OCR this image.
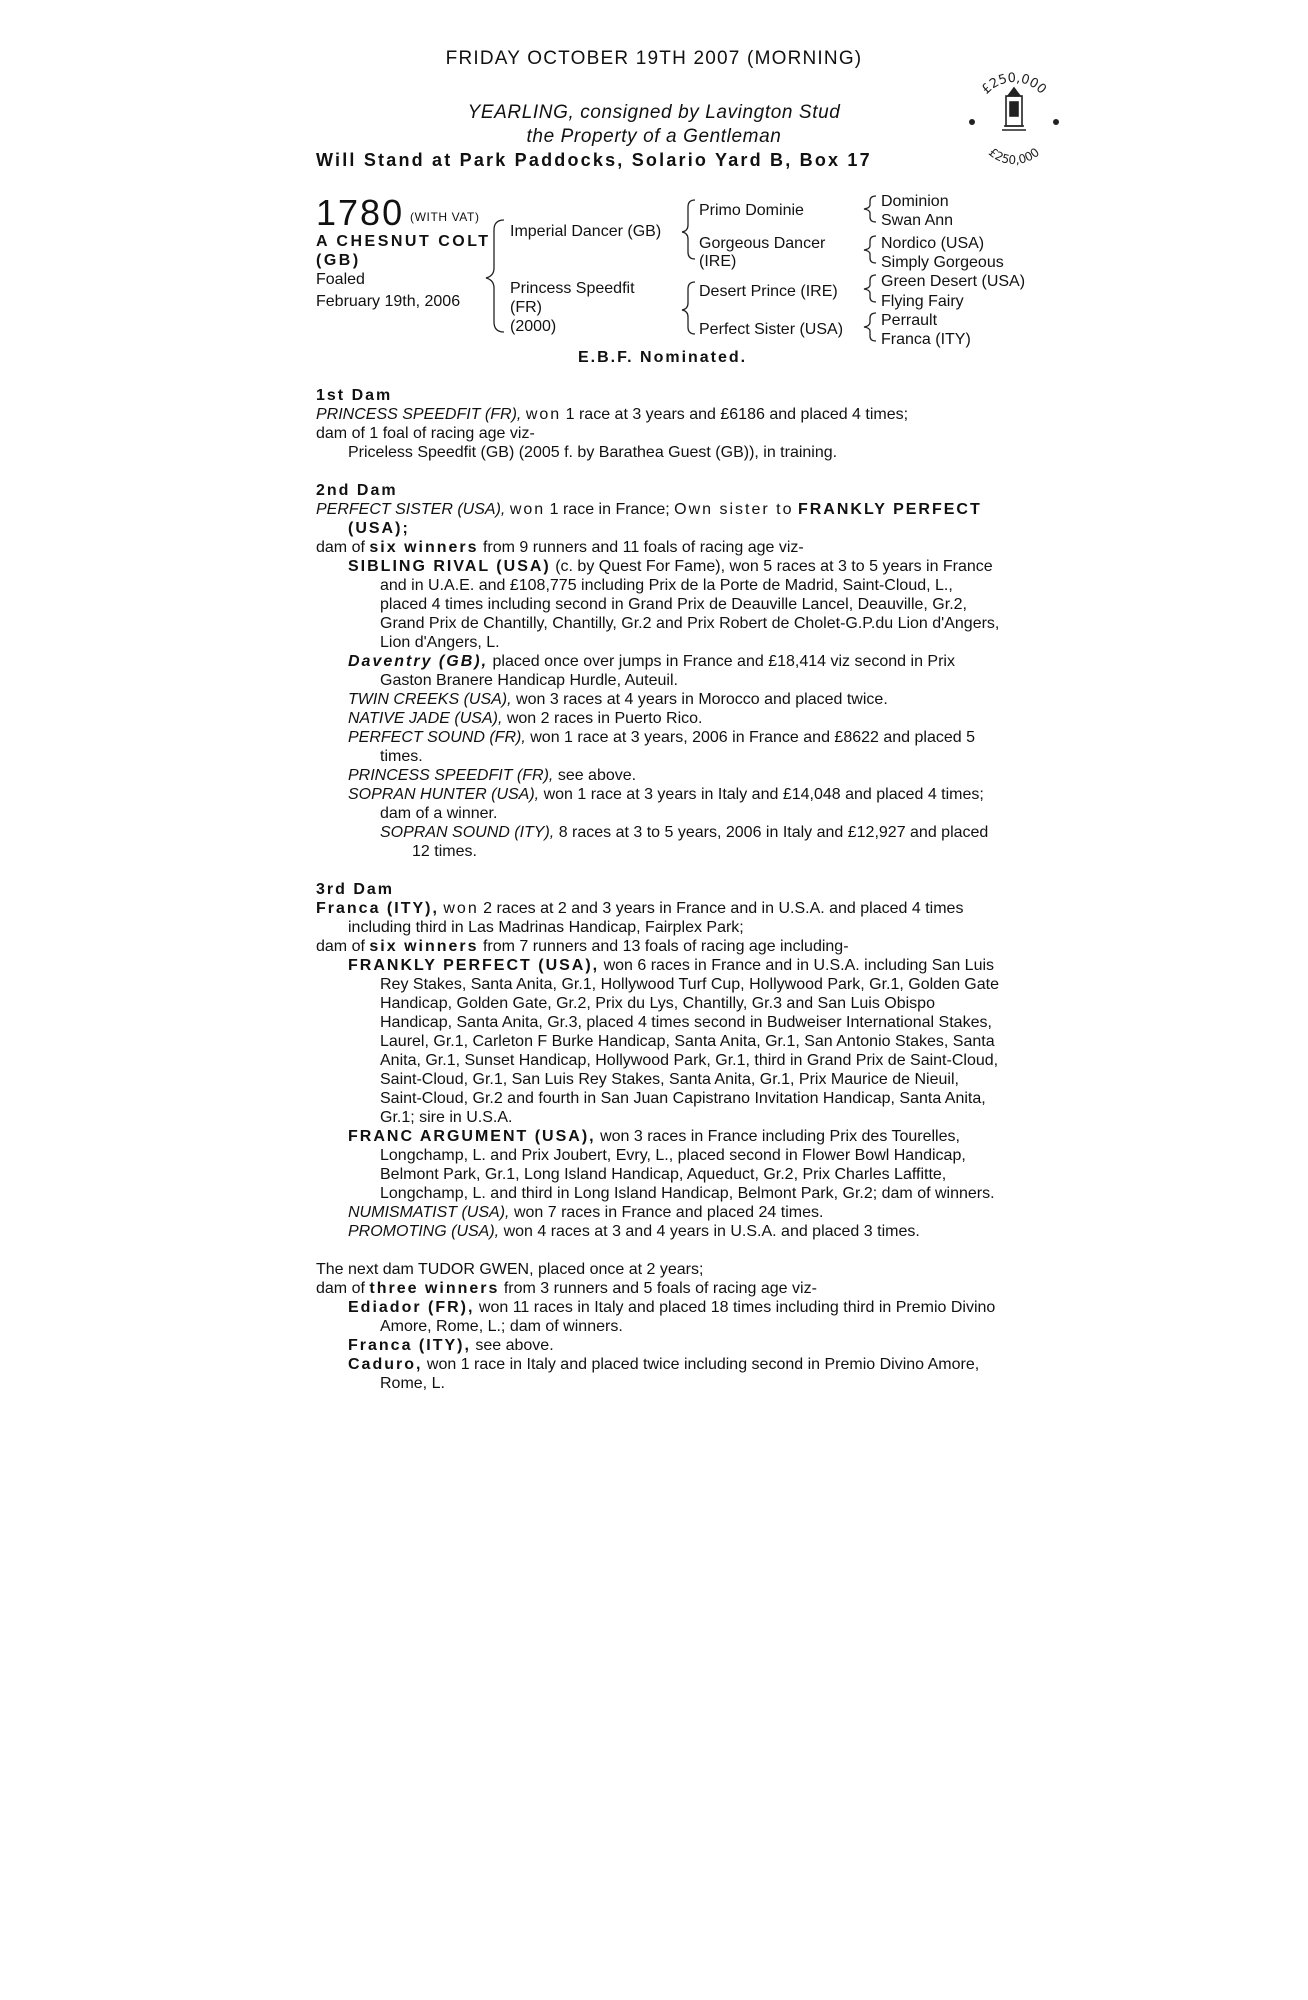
FRIDAY OCTOBER 19TH 2007 (MORNING)
YEARLING, consigned by Lavington Stud
the Property of a Gentleman
Will Stand at Park Paddocks, Solario Yard B, Box 17
£250,000
£250,000
1780 (WITH VAT)
A CHESNUT COLT
(GB)
Foaled
February 19th, 2006
Imperial Dancer (GB)
Princess Speedfit
(FR)
(2000)
Primo Dominie
Gorgeous Dancer
(IRE)
Desert Prince (IRE)
Perfect Sister (USA)
Dominion
Swan Ann
Nordico (USA)
Simply Gorgeous
Green Desert (USA)
Flying Fairy
Perrault
Franca (ITY)
E.B.F. Nominated.

1st Dam

PRINCESS SPEEDFIT (FR), won 1 race at 3 years and £6186 and placed 4 times;

dam of 1 foal of racing age viz-

Priceless Speedfit (GB) (2005 f. by Barathea Guest (GB)), in training.

2nd Dam

PERFECT SISTER (USA), won 1 race in France; Own sister to FRANKLY PERFECT (USA);

dam of six winners from 9 runners and 11 foals of racing age viz-

SIBLING RIVAL (USA) (c. by Quest For Fame), won 5 races at 3 to 5 years in France and in U.A.E. and £108,775 including Prix de la Porte de Madrid, Saint-Cloud, L., placed 4 times including second in Grand Prix de Deauville Lancel, Deauville, Gr.2, Grand Prix de Chantilly, Chantilly, Gr.2 and Prix Robert de Cholet-G.P.du Lion d'Angers, Lion d'Angers, L.

Daventry (GB), placed once over jumps in France and £18,414 viz second in Prix Gaston Branere Handicap Hurdle, Auteuil.

TWIN CREEKS (USA), won 3 races at 4 years in Morocco and placed twice.

NATIVE JADE (USA), won 2 races in Puerto Rico.

PERFECT SOUND (FR), won 1 race at 3 years, 2006 in France and £8622 and placed 5 times.

PRINCESS SPEEDFIT (FR), see above.

SOPRAN HUNTER (USA), won 1 race at 3 years in Italy and £14,048 and placed 4 times; dam of a winner.

SOPRAN SOUND (ITY), 8 races at 3 to 5 years, 2006 in Italy and £12,927 and placed 12 times.

3rd Dam

Franca (ITY), won 2 races at 2 and 3 years in France and in U.S.A. and placed 4 times including third in Las Madrinas Handicap, Fairplex Park;

dam of six winners from 7 runners and 13 foals of racing age including-

FRANKLY PERFECT (USA), won 6 races in France and in U.S.A. including San Luis Rey Stakes, Santa Anita, Gr.1, Hollywood Turf Cup, Hollywood Park, Gr.1, Golden Gate Handicap, Golden Gate, Gr.2, Prix du Lys, Chantilly, Gr.3 and San Luis Obispo Handicap, Santa Anita, Gr.3, placed 4 times second in Budweiser International Stakes, Laurel, Gr.1, Carleton F Burke Handicap, Santa Anita, Gr.1, San Antonio Stakes, Santa Anita, Gr.1, Sunset Handicap, Hollywood Park, Gr.1, third in Grand Prix de Saint-Cloud, Saint-Cloud, Gr.1, San Luis Rey Stakes, Santa Anita, Gr.1, Prix Maurice de Nieuil, Saint-Cloud, Gr.2 and fourth in San Juan Capistrano Invitation Handicap, Santa Anita, Gr.1; sire in U.S.A.

FRANC ARGUMENT (USA), won 3 races in France including Prix des Tourelles, Longchamp, L. and Prix Joubert, Evry, L., placed second in Flower Bowl Handicap, Belmont Park, Gr.1, Long Island Handicap, Aqueduct, Gr.2, Prix Charles Laffitte, Longchamp, L. and third in Long Island Handicap, Belmont Park, Gr.2; dam of winners.

NUMISMATIST (USA), won 7 races in France and placed 24 times.

PROMOTING (USA), won 4 races at 3 and 4 years in U.S.A. and placed 3 times.

The next dam TUDOR GWEN, placed once at 2 years;

dam of three winners from 3 runners and 5 foals of racing age viz-

Ediador (FR), won 11 races in Italy and placed 18 times including third in Premio Divino Amore, Rome, L.; dam of winners.

Franca (ITY), see above.

Caduro, won 1 race in Italy and placed twice including second in Premio Divino Amore, Rome, L.
